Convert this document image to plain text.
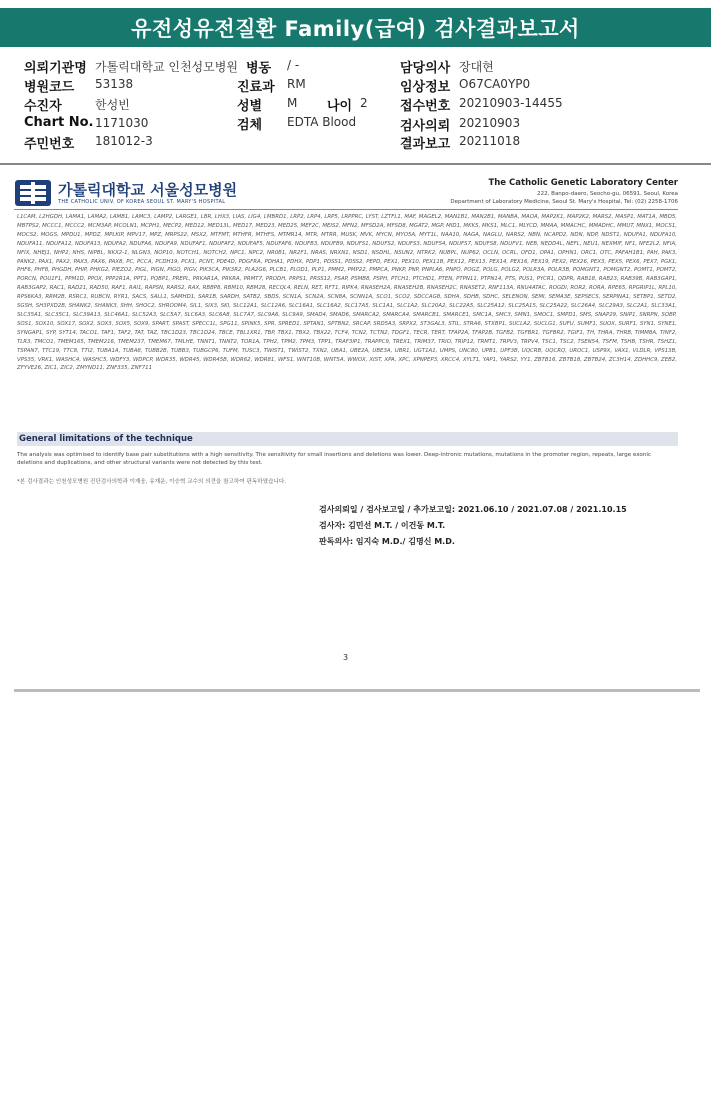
유전성유전질환 Family(급여) 검사결과보고서
의뢰기관명 가톨릭대학교 인천성모병원 병동 / -	담당의사 장대현
병원코드 53138	진료과 RM	임상정보 O67CA0YP0
수진자	한성빈	성별 M 나이 2 접수번호 20210903-14455
Chart No. 1171030	검체 EDTA Blood	검사의뢰 20210903
주민번호 181012-3	결과보고 20211018
가톨릭대학교 서울성모병원
THE CATHOLIC UNIV. OF KOREA SEOUL ST. MARY'S HOSPITAL
The Catholic Genetic Laboratory Center
222, Banpo-daero, Seocho-gu, 06591, Seoul, Korea
Department of Laboratory Medicine, Seoul St. Mary's Hospital, Tel: (02) 2258-1706
L1CAM, L2HGDH, LAMA1, LAMA2, LAMB1, LAMC3, LAMP2, LARGE1, LBR, LHX3, LIAS, LIG4, LMBRD1, LRP2, LRP4, LRP5, LRPPRC, LYST, LZTFL1, MAF, MAGEL2, MAN1B1, MAN2B1, MANBA, MAOA, MAP2K1, MAP2K2, MARS2, MASP1, MAT1A, MBD5, MBTPS2, MCCC1, MCCC2, MCM3AP, MCOLN1, MCPH1, MECP2, MED12, MED13L, MED17, MED23, MED25, MEF2C, MEIS2, MFN2, MFSD2A, MFSD8, MGAT2, MGP, MID1, MKKS, MKS1, MLC1, MLYCD, MMAA, MMACHC, MMADHC, MMUT, MNX1, MOCS1, MOCS2, MOGS, MPDU1, MPDZ, MPLKIP, MPV17, MPZ, MRPS22, MSX2, MTFMT, MTHFR, MTHFS, MTMR14, MTR, MTRR, MUSK, MVK, MYCN, MYO5A, MYT1L, NAA10, NAGA, NAGLU, NARS2, NBN, NCAPD2, NDN, NDP, NDST1, NDUFA1, NDUFA10, NDUFA11, NDUFA12, NDUFA13, NDUFA2, NDUFA6, NDUFA9, NDUFAF1, NDUFAF2, NDUFAF5, NDUFAF6, NDUFB3, NDUFB9, NDUFS1, NDUFS2, NDUFS3, NDUFS4, NDUFS7, NDUFS8, NDUFV1, NEB, NEDD4L, NEFL, NEU1, NEXMIF, NF1, NFE2L2, NFIA, NFIX, NHEJ1, NHP2, NHS, NIPBL, NKX2-1, NLGN3, NOP10, NOTCH1, NOTCH2, NPC1, NPC2, NR0B1, NR2F1, NRAS, NRXN1, NSD1, NSDHL, NSUN2, NTRK2, NUBPL, NUP62, OCLN, OCRL, OFD1, OPA1, OPHN1, ORC1, OTC, PAFAH1B1, PAH, PAK3, PANK2, PAX1, PAX2, PAX3, PAX6, PAX8, PC, PCCA, PCDH19, PCK1, PCNT, PDE4D, PDGFRA, PDHA1, PDHX, PDP1, PDSS1, PDSS2, PEPD, PEX1, PEX10, PEX11B, PEX12, PEX13, PEX14, PEX16, PEX19, PEX2, PEX26, PEX3, PEX5, PEX6, PEX7, PGK1, PHF6, PHF8, PHGDH, PHIP, PHKG2, PIEZO2, PIGL, PIGN, PIGO, PIGV, PIK3CA, PIK3R2, PLA2G6, PLCB1, PLOD1, PLP1, PMM2, PMP22, PMPCA, PNKP, PNP, PNPLA6, PNPO, POGZ, POLG, POLG2, POLR3A, POLR3B, POMGNT1, POMGNT2, POMT1, POMT2, PORCN, POU1F1, PPM1D, PPOX, PPP2R1A, PPT1, PQBP1, PREPL, PRKAR1A, PRKRA, PRMT7, PRODH, PRPS1, PRSS12, PSAP, PSMB8, PSPH, PTCH1, PTCHD1, PTEN, PTPN11, PTPN14, PTS, PUS1, PYCR1, QDPR, RAB18, RAB23, RAB39B, RAB3GAP1, RAB3GAP2, RAC1, RAD21, RAD50, RAF1, RAI1, RAPSN, RARS2, RAX, RBBP8, RBM10, RBM28, RECQL4, RELN, RET, RFT1, RIPK4, RNASEH2A, RNASEH2B, RNASEH2C, RNASET2, RNF113A, RNU4ATAC, ROGDI, ROR2, RORA, RPE65, RPGRIP1L, RPL10, RPS6KA3, RRM2B, RSRC1, RUBCN, RYR1, SACS, SALL1, SAMHD1, SAR1B, SARDH, SATB2, SBDS, SCN1A, SCN2A, SCN8A, SCNN1A, SCO1, SCO2, SDCCAG8, SDHA, SDHB, SDHC, SELENON, SEMI, SEMA3E, SEPSECS, SERPINA1, SETBP1, SETD2, SGSH, SH3PXD2B, SHANK2, SHANK3, SHH, SHOC2, SHROOM4, SIL1, SIX3, SKI, SLC12A1, SLC12A6, SLC16A1, SLC16A2, SLC17A5, SLC1A1, SLC1A2, SLC20A2, SLC22A5, SLC25A12, SLC25A15, SLC25A22, SLC26A4, SLC29A3, SLC2A1, SLC33A1, SLC35A1, SLC35C1, SLC39A13, SLC46A1, SLC52A3, SLC5A7, SLC6A3, SLC6A8, SLC7A7, SLC9A6, SLC9A9, SMAD4, SMAD6, SMARCA2, SMARCA4, SMARCB1, SMARCE1, SMC1A, SMC3, SMN1, SMOC1, SMPD1, SMS, SNAP29, SNIP1, SNRPN, SOBP, SOS1, SOX10, SOX17, SOX2, SOX3, SOX5, SOX9, SPART, SPAST, SPECC1L, SPG11, SPINK5, SPR, SPRED1, SPTAN1, SPTBN2, SRCAP, SRD5A3, SRPX2, ST3GAL3, STIL, STRA6, STXBP1, SUCLA2, SUCLG1, SUFU, SUMF1, SUOX, SURF1, SYN1, SYNE1, SYNGAP1, SYP, SYT14, TACO1, TAF1, TAF2, TAT, TAZ, TBC1D23, TBC1D24, TBCE, TBL1XR1, TBP, TBX1, TBX2, TBX22, TCF4, TCN2, TCTN2, TDGF1, TECR, TERT, TFAP2A, TFAP2B, TGFB2, TGFBR1, TGFBR2, TGIF1, TH, THRA, THRB, TIMM8A, TINF2, TLR3, TMCO1, TMEM165, TMEM216, TMEM237, TMEM67, TMLHE, TNNT1, TNNT2, TOR1A, TPH2, TPM2, TPM3, TPP1, TRAF3IP1, TRAPPC9, TREX1, TRIM37, TRIO, TRIP12, TRMT1, TRPV3, TRPV4, TSC1, TSC2, TSEN54, TSFM, TSHB, TSHR, TSHZ1, TSPAN7, TTC19, TTC8, TTI2, TUBA1A, TUBA8, TUBB2B, TUBB3, TUBGCP6, TUFM, TUSC3, TWIST1, TWIST2, TXN2, UBA1, UBE2A, UBE3A, UBR1, UGT1A1, UMPS, UNC80, UPB1, UPF3B, UQCRB, UQCRQ, UROC1, USP9X, VAX1, VLDLR, VPS13B, VPS35, VRK1, WASHC4, WASHC5, WDFY3, WDPCP, WDR35, WDR45, WDR45B, WDR62, WDR81, WFS1, WNT10B, WNT5A, WWOX, XIST, XPA, XPC, XPNPEP3, XRCC4, XYLT1, YAP1, YARS2, YY1, ZBTB16, ZBTB18, ZBTB24, ZC3H14, ZDHHC9, ZEB2, ZFYVE26, ZIC1, ZIC2, ZMYND11, ZNF335, ZNF711
General limitations of the technique
The analysis was optimised to identify base pair substitutions with a high sensitivity. The sensitivity for small insertions and deletions was lower. Deep-intronic mutations, mutations in the promoter region, repeats, large exonic deletions and duplications, and other structural variants were not detected by this test.
*본 검사결과는 인천성모병원 진단검사의학과 이재웅, 유재운, 이승혁 교수의 의견을 참고하여 판독하였습니다.
검사의뢰일 / 검사보고일 / 추가보고일: 2021.06.10 / 2021.07.08 / 2021.10.15
검사자: 김민선 M.T. / 이건동 M.T.
판독의사: 임지숙 M.D./ 김명신 M.D.
3
